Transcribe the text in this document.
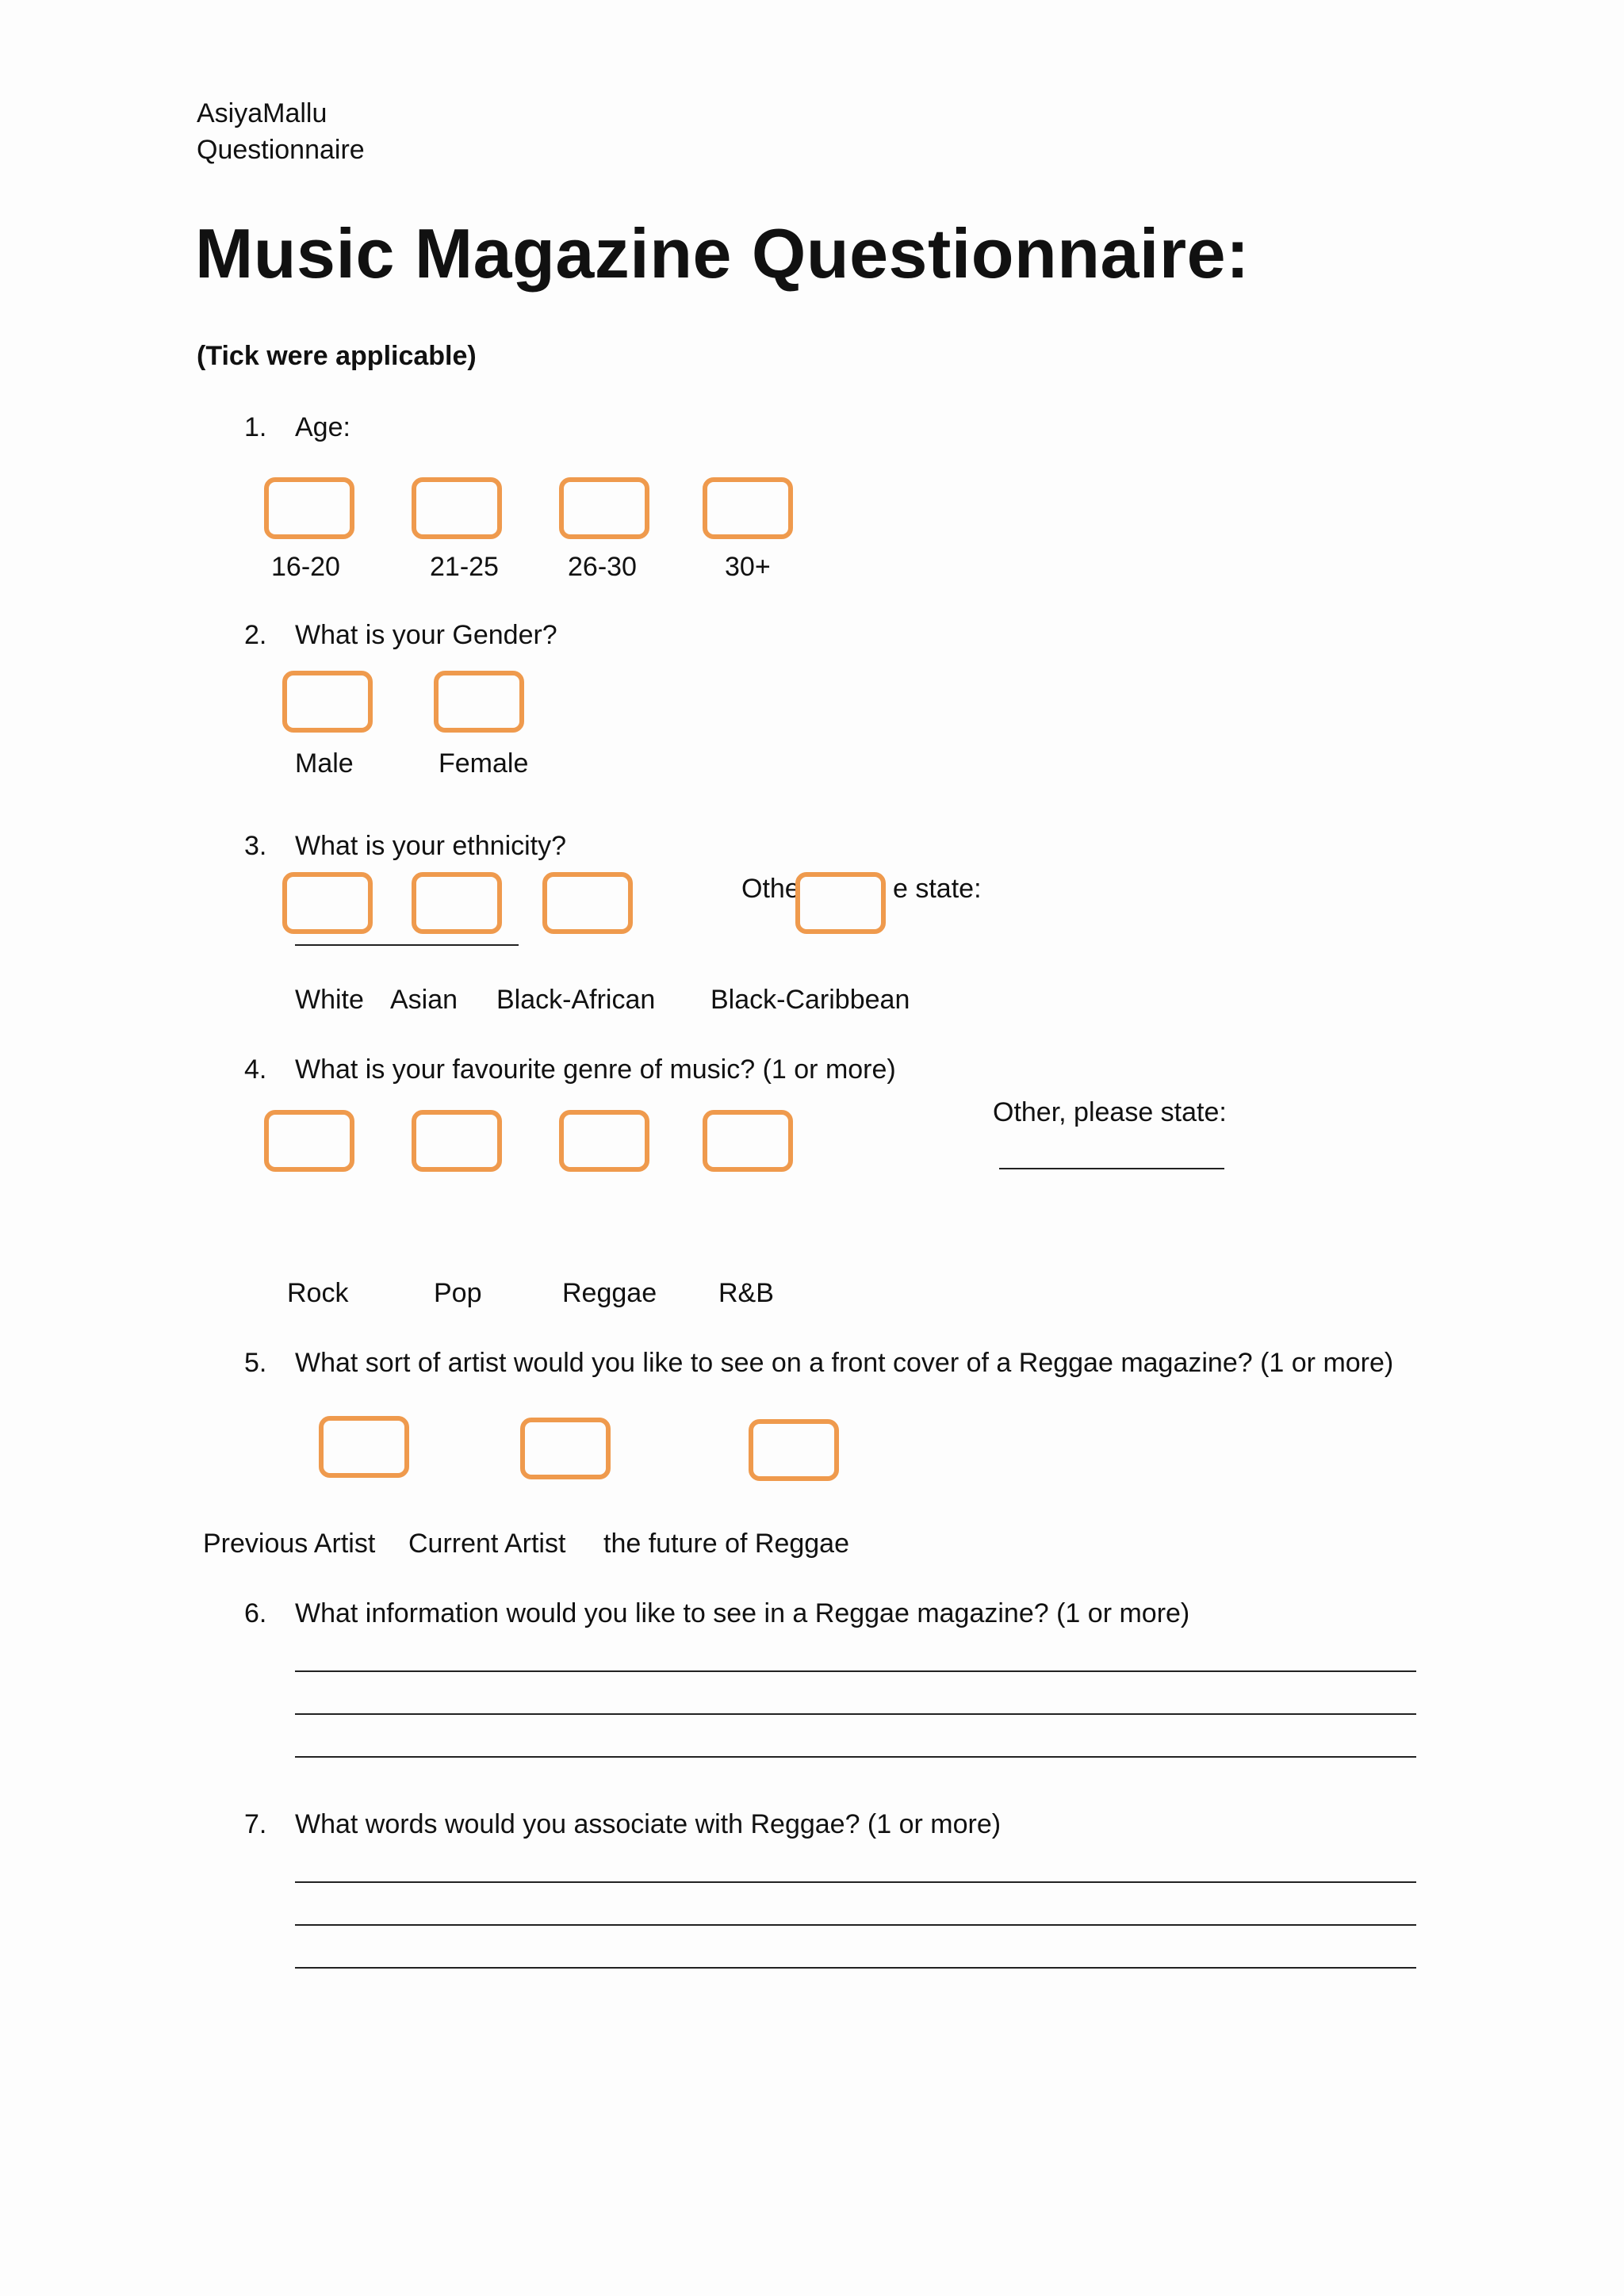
AsiyaMallu
Questionnaire
Music Magazine Questionnaire:
(Tick were applicable)
1. Age:
16-20	21-25	26-30	30+
2. What is your Gender?
Male	Female
3. What is your ethnicity?
Othe	e state:
White Asian Black-African Black-Caribbean
4. What is your favourite genre of music? (1 or more)
Other, please state:
Rock	Pop	Reggae R&B
5. What sort of artist would you like to see on a front cover of a Reggae magazine? (1 or more)
Previous Artist Current Artist the future of Reggae
6. What information would you like to see in a Reggae magazine? (1 or more)
7. What words would you associate with Reggae? (1 or more)
